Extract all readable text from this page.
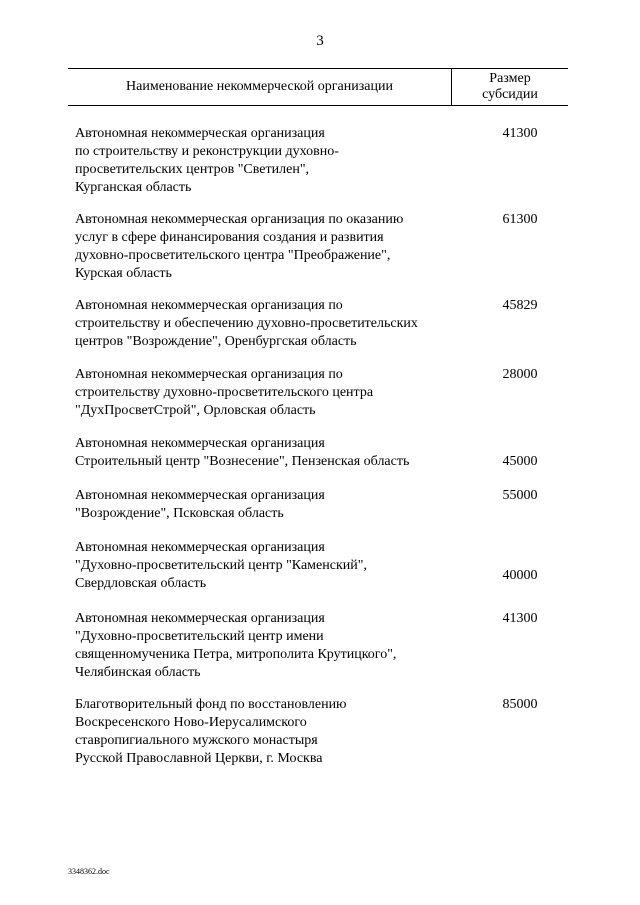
3
Наименование некоммерческой организации
Размер
субсидии
Автономная некоммерческая организация
по строительству и реконструкции духовно-
просветительских центров "Светилен",
Курганская область
41300
Автономная некоммерческая организация по оказанию
услуг в сфере финансирования создания и развития
духовно-просветительского центра "Преображение",
Курская область
61300
Автономная некоммерческая организация по
строительству и обеспечению духовно-просветительских
центров "Возрождение", Оренбургская область
45829
Автономная некоммерческая организация по
строительству духовно-просветительского центра
"ДухПросветСтрой", Орловская область
28000
Автономная некоммерческая организация
Строительный центр "Вознесение", Пензенская область	45000
Автономная некоммерческая организация
"Возрождение", Псковская область
55000
Автономная некоммерческая организация
"Духовно-просветительский центр "Каменский",
Свердловская область
40000
Автономная некоммерческая организация
"Духовно-просветительский центр имени
священномученика Петра, митрополита Крутицкого",
Челябинская область
41300
Благотворительный фонд по восстановлению
Воскресенского Ново-Иерусалимского
ставропигиального мужского монастыря
Русской Православной Церкви, г. Москва
85000
3348362.doc
